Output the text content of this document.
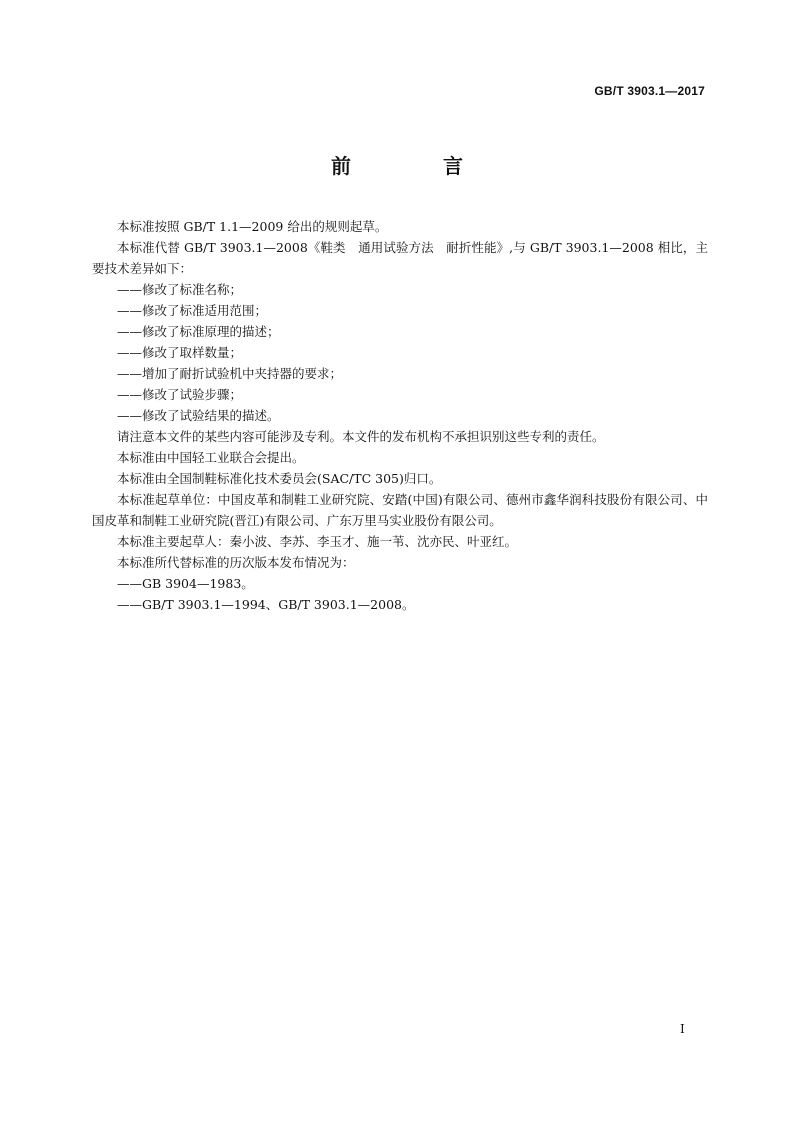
GB/T 3903.1—2017
前　言

本标准按照 GB/T 1.1—2009 给出的规则起草。

本标准代替 GB/T 3903.1—2008《鞋类　通用试验方法　耐折性能》,与 GB/T 3903.1—2008 相比，主要技术差异如下：

——修改了标准名称；

——修改了标准适用范围；

——修改了标准原理的描述；

——修改了取样数量；

——增加了耐折试验机中夹持器的要求；

——修改了试验步骤；

——修改了试验结果的描述。

请注意本文件的某些内容可能涉及专利。本文件的发布机构不承担识别这些专利的责任。

本标准由中国轻工业联合会提出。

本标准由全国制鞋标准化技术委员会(SAC/TC 305)归口。

本标准起草单位：中国皮革和制鞋工业研究院、安踏(中国)有限公司、德州市鑫华润科技股份有限公司、中国皮革和制鞋工业研究院(晋江)有限公司、广东万里马实业股份有限公司。

本标准主要起草人：秦小波、李苏、李玉才、施一苇、沈亦民、叶亚红。

本标准所代替标准的历次版本发布情况为：

——GB 3904—1983。

——GB/T 3903.1—1994、GB/T 3903.1—2008。

I
